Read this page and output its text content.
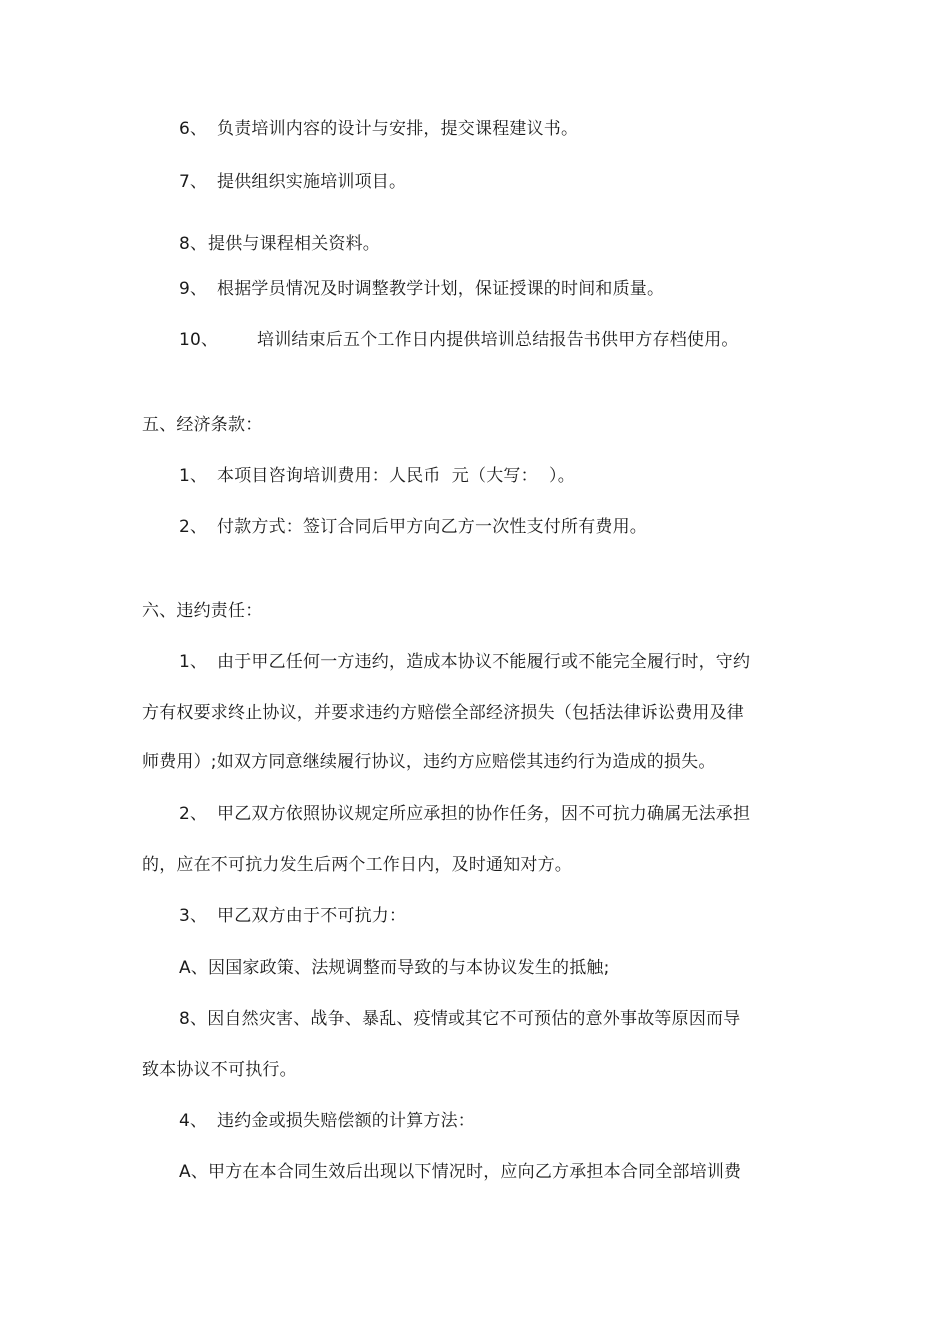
6、 负责培训内容的设计与安排，提交课程建议书。
7、 提供组织实施培训项目。
8、提供与课程相关资料。
9、 根据学员情况及时调整教学计划，保证授课的时间和质量。
10、 培训结束后五个工作日内提供培训总结报告书供甲方存档使用。
五、经济条款：
1、 本项目咨询培训费用：人民币  元（大写：  ）。
2、 付款方式：签订合同后甲方向乙方一次性支付所有费用。
六、违约责任：
1、 由于甲乙任何一方违约，造成本协议不能履行或不能完全履行时，守约
方有权要求终止协议，并要求违约方赔偿全部经济损失（包括法律诉讼费用及律
师费用）;如双方同意继续履行协议，违约方应赔偿其违约行为造成的损失。
2、 甲乙双方依照协议规定所应承担的协作任务，因不可抗力确属无法承担
的，应在不可抗力发生后两个工作日内，及时通知对方。
3、 甲乙双方由于不可抗力：
A、因国家政策、法规调整而导致的与本协议发生的抵触;
8、因自然灾害、战争、暴乱、疫情或其它不可预估的意外事故等原因而导
致本协议不可执行。
4、 违约金或损失赔偿额的计算方法：
A、甲方在本合同生效后出现以下情况时，应向乙方承担本合同全部培训费
